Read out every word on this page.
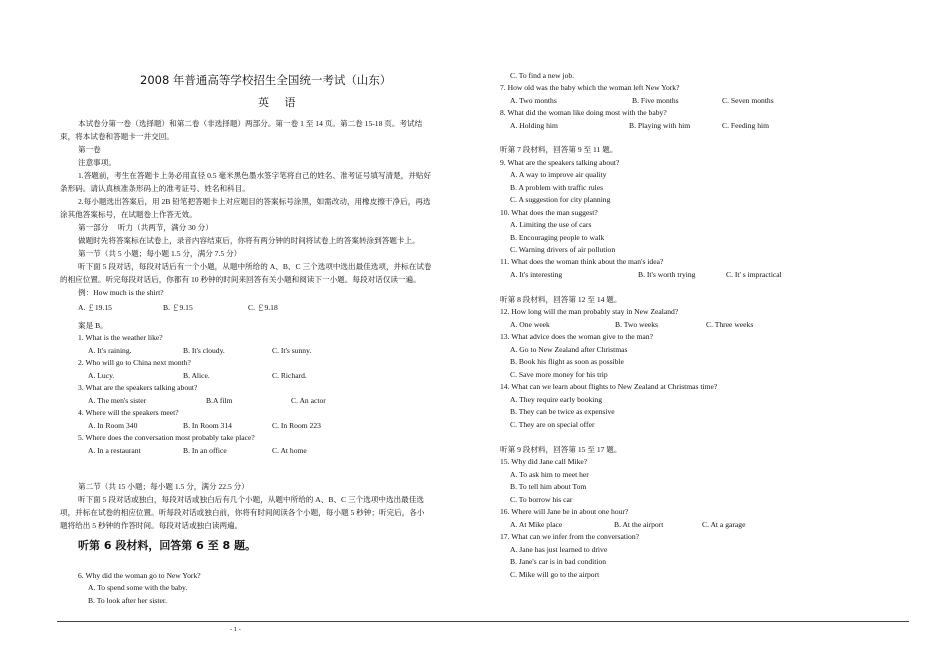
2008 年普通高等学校招生全国统一考试（山东）
英 语
本试卷分第一卷（选择题）和第二卷（非选择题）两部分。第一卷 1 至 14 页。第二卷 15-18 页。考试结
束，将本试卷和答题卡一并交回。
第一卷
注意事项。
1.答题前，考生在答题卡上务必用直径 0.5 毫米黑色墨水签字笔将自己的姓名、准考证号填写清楚，并贴好
条形码。请认真核准条形码上的准考证号、姓名和科目。
2.每小题选出答案后，用 2B 铅笔把答题卡上对应题目的答案标号涂黑，如需改动，用橡皮擦干净后，再选
涂其他答案标号，在试题卷上作答无效。
第一部分　 听力（共两节，满分 30 分）
做题时先将答案标在试卷上，录音内容结束后，你将有两分钟的时间将试卷上的答案转涂到答题卡上。
第一节（共 5 小题；每小题 1.5 分，满分 7.5 分）
听下面 5 段对话，每段对话后有一个小题，从题中所给的 A、B、C 三个选项中选出最佳选项，并标在试卷
的相应位置。听完每段对话后，你都有 10 秒钟的时间来回答有关小题和阅读下一小题。每段对话仅读一遍。
例：How much is the shirt?
A. ￡19.15	B. ￡9.15	C. ￡9.18
案是 B。
1. What is the weather like?
A. It's raining.	B. It's cloudy.	C. It's sunny.
2. Who will go to China next month?
A. Lucy.	B. Alice.	C. Richard.
3. What are the speakers talking about?
A. The men's sister	B.A film	C. An actor
4. Where will the speakers meet?
A. In Room 340	B. In Room 314	C. In Room 223
5. Where does the conversation most probably take place?
A. In a restaurant	B. In an office	C. At home
第二节（共 15 小题；每小题 1.5 分，满分 22.5 分）
听下面 5 段对话或独白，每段对话或独白后有几个小题，从题中所给的 A、B、C 三个选项中选出最佳选
项，并标在试卷的相应位置。听每段对话或独白前，你将有时间阅读各个小题，每小题 5 秒钟；听完后，各小
题将给出 5 秒钟的作答时间。每段对话或独白读两遍。
听第 6 段材料，回答第 6 至 8 题。
6. Why did the woman go to New York?
A. To spend some with the baby.
B. To look after her sister.
C. To find a new job.
7. How old was the baby which the woman left New York?
A. Two months	B. Five months	C. Seven months
8. What did the woman like doing most with the baby?
A. Holding him	B. Playing with him	C. Feeding him
听第 7 段材料，回答第 9 至 11 题。
9. What are the speakers talking about?
A. A way to improve air quality
B. A problem with traffic rules
C. A suggestion for city planning
10. What does the man suggest?
A. Limiting the use of cars
B. Encouraging people to walk
C. Warning drivers of air pollution
11. What does the woman think about the man's idea?
A. It's interesting	B. It's worth trying	C. It' s impractical
听第 8 段材料，回答第 12 至 14 题。
12. How long will the man probably stay in New Zealand?
A. One week	B. Two weeks	C. Three weeks
13. What advice does the woman give to the man?
A. Go to New Zealand after Christmas
B. Book his flight as soon as possible
C. Save more money for his trip
14. What can we learn about flights to New Zealand at Christmas time?
A. They require early booking
B. They can be twice as expensive
C. They are on special offer
听第 9 段材料，回答第 15 至 17 题。
15. Why did Jane call Mike?
A. To ask him to meet her
B. To tell him about Tom
C. To borrow his car
16. Where will Jane be in about one hour?
A. At Mike place	B. At the airport	C. At a garage
17. What can we infer from the conversation?
A. Jane has just learned to drive
B. Jane's car is in bad condition
C. Mike will go to the airport
- 1 -
